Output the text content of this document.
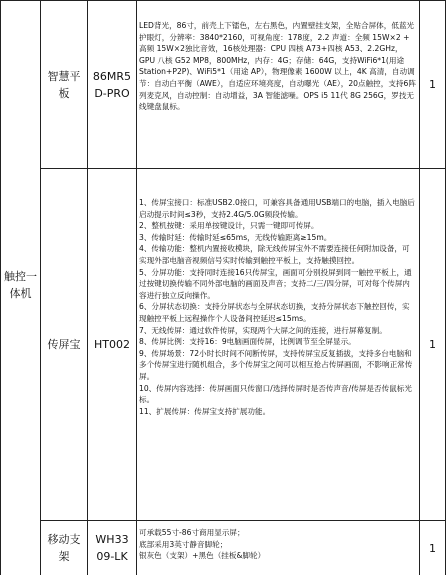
触控一体机
智慧平板
86MR5D-PRO

LED背光，86寸，前壳上下镭色，左右黑色，内置壁挂支架，全贴合屏体，低蓝光护眼灯，分辨率：3840*2160，可视角度：178度，2.2 声道：全频 15W×2 + 高频 15W×2独比音效，16核处理器：CPU 四核 A73+四核 A53、2.2GHz，GPU 八核 G52 MP8，800MHz，内存：4G；存储：64G，支持WiFi6*1(用途Station+P2P)、WiFi5*1（用途 AP），物理像素 1600W 以上，4K 高清，自动调节：自动白平衡（AWE），自适应环境亮度，自动曝光（AE），20点触控，支持6阵列麦克风，自动控制：自动增益，3A 智能滤噪。OPS i5 11代 8G 256G，罗技无线键盘鼠标。

1
传屏宝 HT002

1、传屏宝接口：标准USB2.0接口，可兼容具备通用USB端口的电脑，插入电脑后启动提示时间≤3秒，支持2.4G/5.0G频段传输。

2、整机按键：采用单按键设计，只需一键即可传屏。

3、传输时延：传输时延≤65ms，无线传输距离≥15m。

4、传输功能：整机内置接收模块，除无线传屏宝外不需要连接任何附加设备，可实现外部电脑音视频信号实时传输到触控平板上，支持触摸回控。

5、分屏功能：支持同时连接16只传屏宝，画面可分别投屏到同一触控平板上，通过按键切换传输不同外部电脑的画面及声音；支持二/三/四分屏，可对每个传屏内容进行独立反向操作。

6、分屏状态切换：支持分屏状态与全屏状态切换，支持分屏状态下触控回传，实现触控平板上远程操作个人设备间控延迟≤15ms。

7、无线传屏：通过软件传屏，实现两个大屏之间的连接，进行屏幕复制。

8、传屏比例：支持16：9电脑画面传屏，比例调节至全屏显示。

9、传屏场景：72小时长时间不间断传屏，支持传屏宝反复插拔，支持多台电脑和多个传屏宝进行随机组合，多个传屏宝之间可以相互抢占传屏画面，不影响正常传屏。

10、传屏内容选择：传屏画面只传窗口/选择传屏时是否传声音/传屏是否传鼠标光标。

11、扩展传屏：传屏宝支持扩展功能。

1
移动支架
WH3309-LK

可承载55寸-86寸商用显示屏；

底部采用3英寸静音脚轮；

银灰色（支架）+黑色（挂板&脚轮）

1
